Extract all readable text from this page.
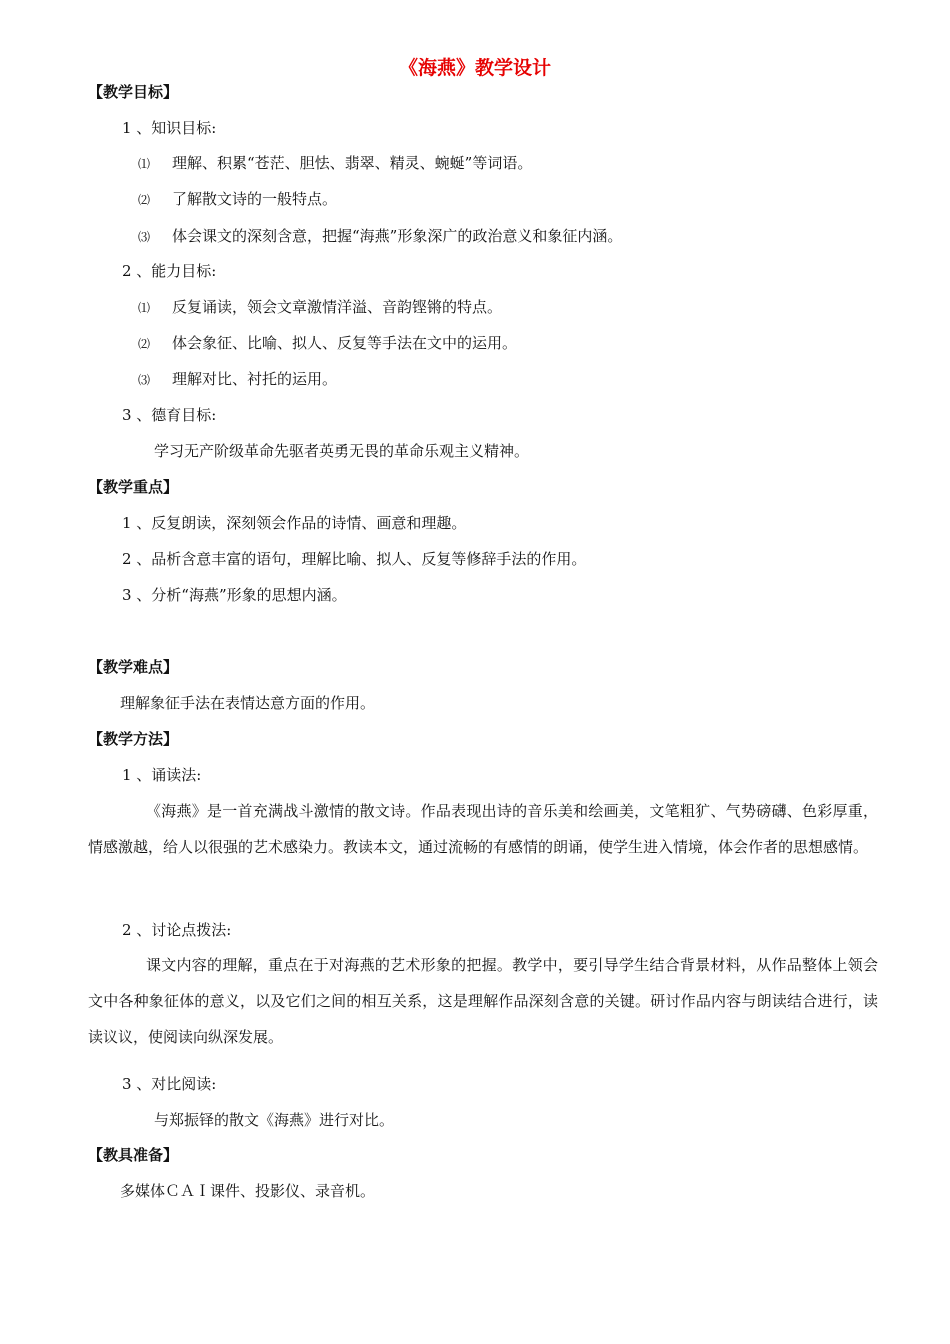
《海燕》教学设计
【教学目标】
1 、知识目标:
⑴ 理解、积累“苍茫、胆怯、翡翠、精灵、蜿蜒”等词语。
⑵ 了解散文诗的一般特点。
⑶ 体会课文的深刻含意，把握“海燕”形象深广的政治意义和象征内涵。
2 、能力目标:
⑴ 反复诵读，领会文章激情洋溢、音韵铿锵的特点。
⑵ 体会象征、比喻、拟人、反复等手法在文中的运用。
⑶ 理解对比、衬托的运用。
3 、德育目标:
学习无产阶级革命先驱者英勇无畏的革命乐观主义精神。
【教学重点】
1 、反复朗读，深刻领会作品的诗情、画意和理趣。
2 、品析含意丰富的语句，理解比喻、拟人、反复等修辞手法的作用。
3 、分析“海燕”形象的思想内涵。
【教学难点】
理解象征手法在表情达意方面的作用。
【教学方法】
1 、诵读法:
《海燕》是一首充满战斗激情的散文诗。作品表现出诗的音乐美和绘画美，文笔粗犷、气势磅礴、色彩厚重，情感激越，给人以很强的艺术感染力。教读本文，通过流畅的有感情的朗诵，使学生进入情境，体会作者的思想感情。
2 、讨论点拨法:
课文内容的理解，重点在于对海燕的艺术形象的把握。教学中，要引导学生结合背景材料，从作品整体上领会文中各种象征体的意义，以及它们之间的相互关系，这是理解作品深刻含意的关键。研讨作品内容与朗读结合进行，读读议议，使阅读向纵深发展。
3 、对比阅读:
与郑振铎的散文《海燕》进行对比。
【教具准备】
多媒体ＣＡＩ课件、投影仪、录音机。
